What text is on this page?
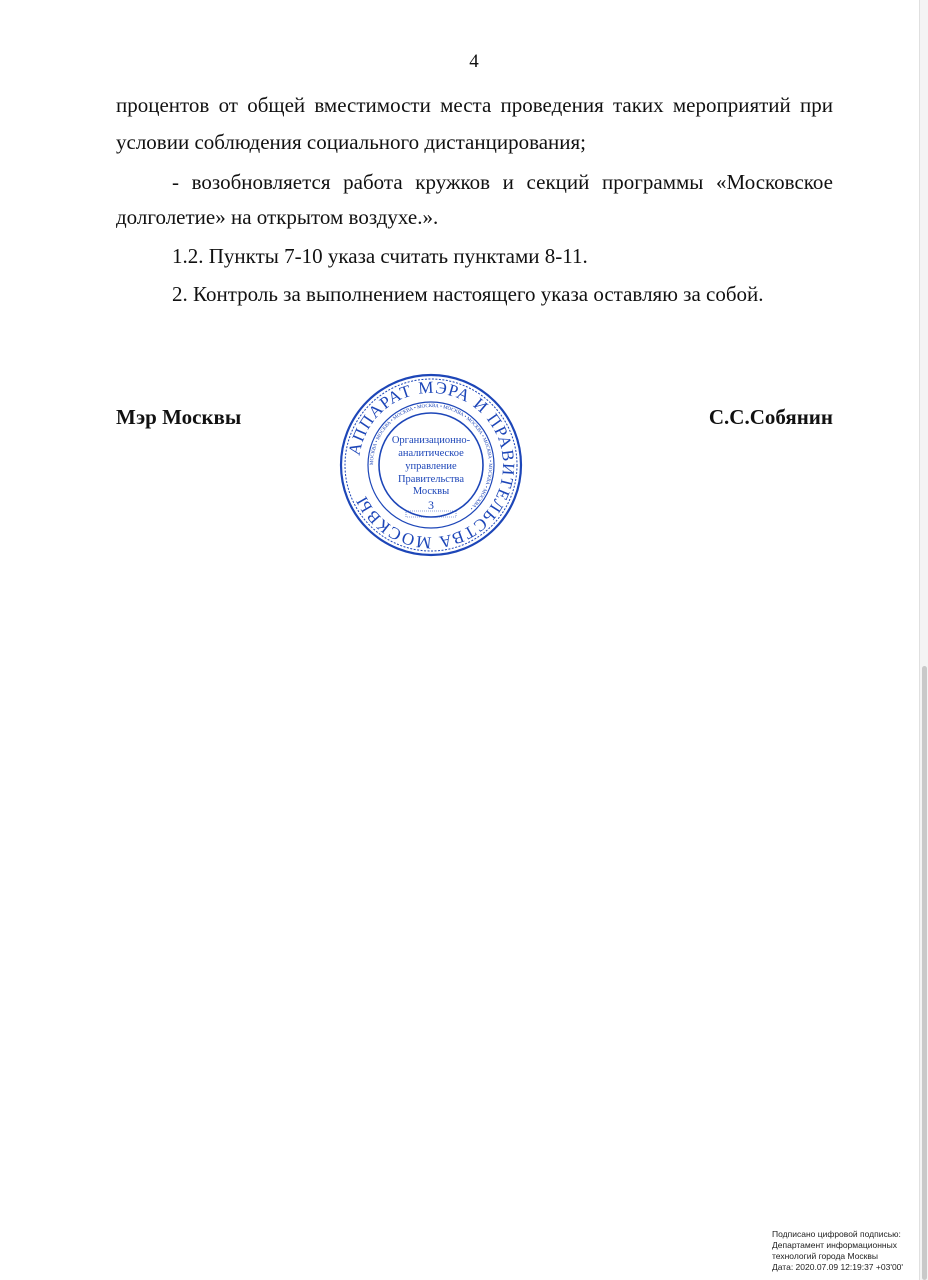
4
процентов от общей вместимости места проведения таких мероприятий при
условии соблюдения социального дистанцирования;
- возобновляется работа кружков и секций программы «Московское
долголетие» на открытом воздухе.».
1.2. Пункты 7-10 указа считать пунктами 8-11.
2. Контроль за выполнением настоящего указа оставляю за собой.
Мэр Москвы	С.С.Собянин
АППАРАТ МЭРА И ПРАВИТЕЛЬСТВА МОСКВЫ
МОСКВА • МОСКВА • МОСКВА • МОСКВА • МОСКВА • МОСКВА • МОСКВА • МОСКВА • МОСКВА •
Организационно-
аналитическое
управление
Правительства
Москвы
3
Подписано цифровой подписью:
Департамент информационных
технологий города Москвы
Дата: 2020.07.09 12:19:37 +03'00'
